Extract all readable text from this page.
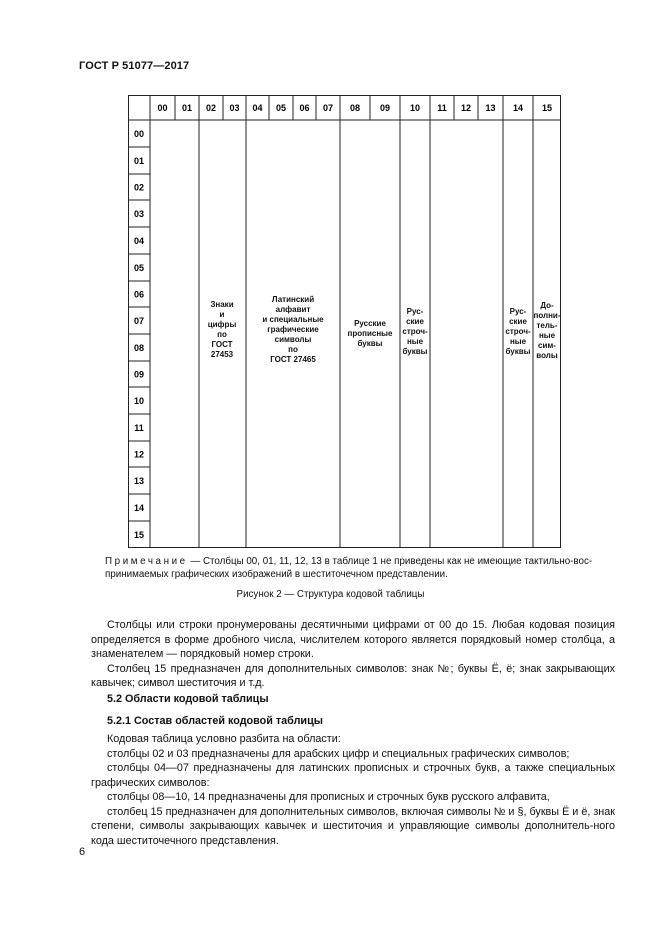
ГОСТ Р 51077—2017
00 01 02 03 04 05 06 07 08 09 10 11 12 13 14 15
00
01
02
03
04
05
06
07
08
09
10
11
12
13
14
15
Знаки
и
цифры
по
ГОСТ
27453
Латинский
алфавит
и специальные
графические
символы
по
ГОСТ 27465
Русские
прописные
буквы
Рус-
ские
строч-
ные
буквы
Рус-
ские
строч-
ные
буквы
До-
полни-
тель-
ные
сим-
волы
Примечание — Столбцы 00, 01, 11, 12, 13 в таблице 1 не приведены как не имеющие тактильно-вос-принимаемых графических изображений в шеститочечном представлении.
Рисунок 2 — Структура кодовой таблицы

Столбцы или строки пронумерованы десятичными цифрами от 00 до 15. Любая кодовая позиция определяется в форме дробного числа, числителем которого является порядковый номер столбца, а знаменателем — порядковый номер строки.

Столбец 15 предназначен для дополнительных символов: знак №; буквы Ё, ё; знак закрывающих кавычек; символ шеститочия и т.д.

5.2 Области кодовой таблицы
5.2.1 Состав областей кодовой таблицы

Кодовая таблица условно разбита на области:

столбцы 02 и 03 предназначены для арабских цифр и специальных графических символов;

столбцы 04—07 предназначены для латинских прописных и строчных букв, а также специальных графических символов:

столбцы 08—10, 14 предназначены для прописных и строчных букв русского алфавита,

столбец 15 предназначен для дополнительных символов, включая символы № и §, буквы Ё и ё, знак степени, символы закрывающих кавычек и шеститочия и управляющие символы дополнитель-ного кода шеститочечного представления.

6
